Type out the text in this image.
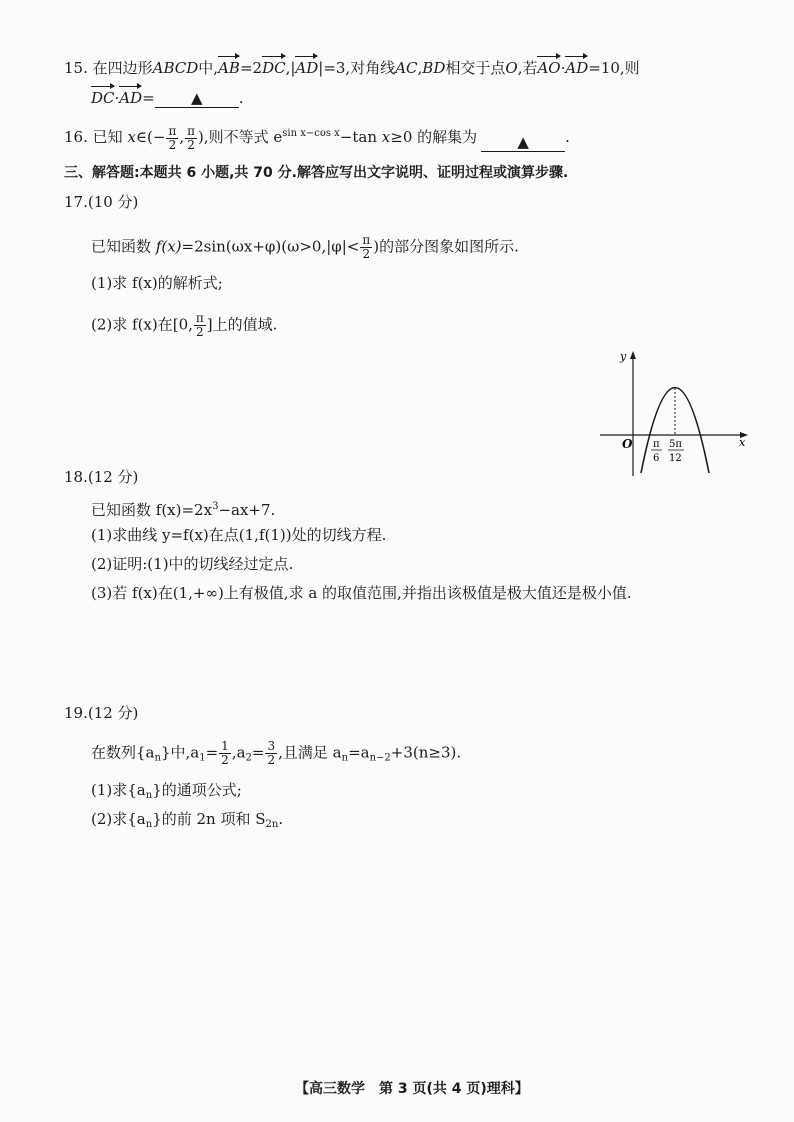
15. 在四边形ABCD中,AB=2DC,|AD|=3,对角线AC,BD相交于点O,若AO·AD=10,则
DC·AD= ▲ .
16. 已知 x∈(− $\frac{\pi}{2}$ , $\frac{\pi}{2}$ ),则不等式 $e^{sin x-cos x}-\tan$ x≥0 的解集为	▲ .
三、解答题:本题共 6 小题,共 70 分.解答应写出文字说明、证明过程或演算步骤.
17.(10 分)
已知函数 $f(x)=2\sin(\omega x+\varphi)(\omega>0,|\varphi|< \frac{\pi}{2}$ )的部分图象如图所示.
(1)求 f(x)的解析式;
(2)求 f(x)在[0, $\frac{\pi}{2}$ ]上的值域.
y
x
O π
6
5π
12
18.(12 分)
已知函数 $f(x)=2x^3-ax+7$.
(1)求曲线 y=f(x)在点(1,f(1))处的切线方程.
(2)证明:(1)中的切线经过定点.
(3)若 f(x)在(1,+∞)上有极值,求 a 的取值范围,并指出该极值是极大值还是极小值.
19.(12 分)
在数列$\{a_n\}$中$,a_1= \frac{1}{2} ,a_2= \frac{3}{2}$ ,且满足 $a_n=a_{n-2}+3(n\ge 3)$.
(1)求$\{a_n\}$的通项公式;
(2)求$\{a_n\}$的前 2n 项和 $S_{2n}$.
【高三数学　第 3 页(共 4 页)理科】
